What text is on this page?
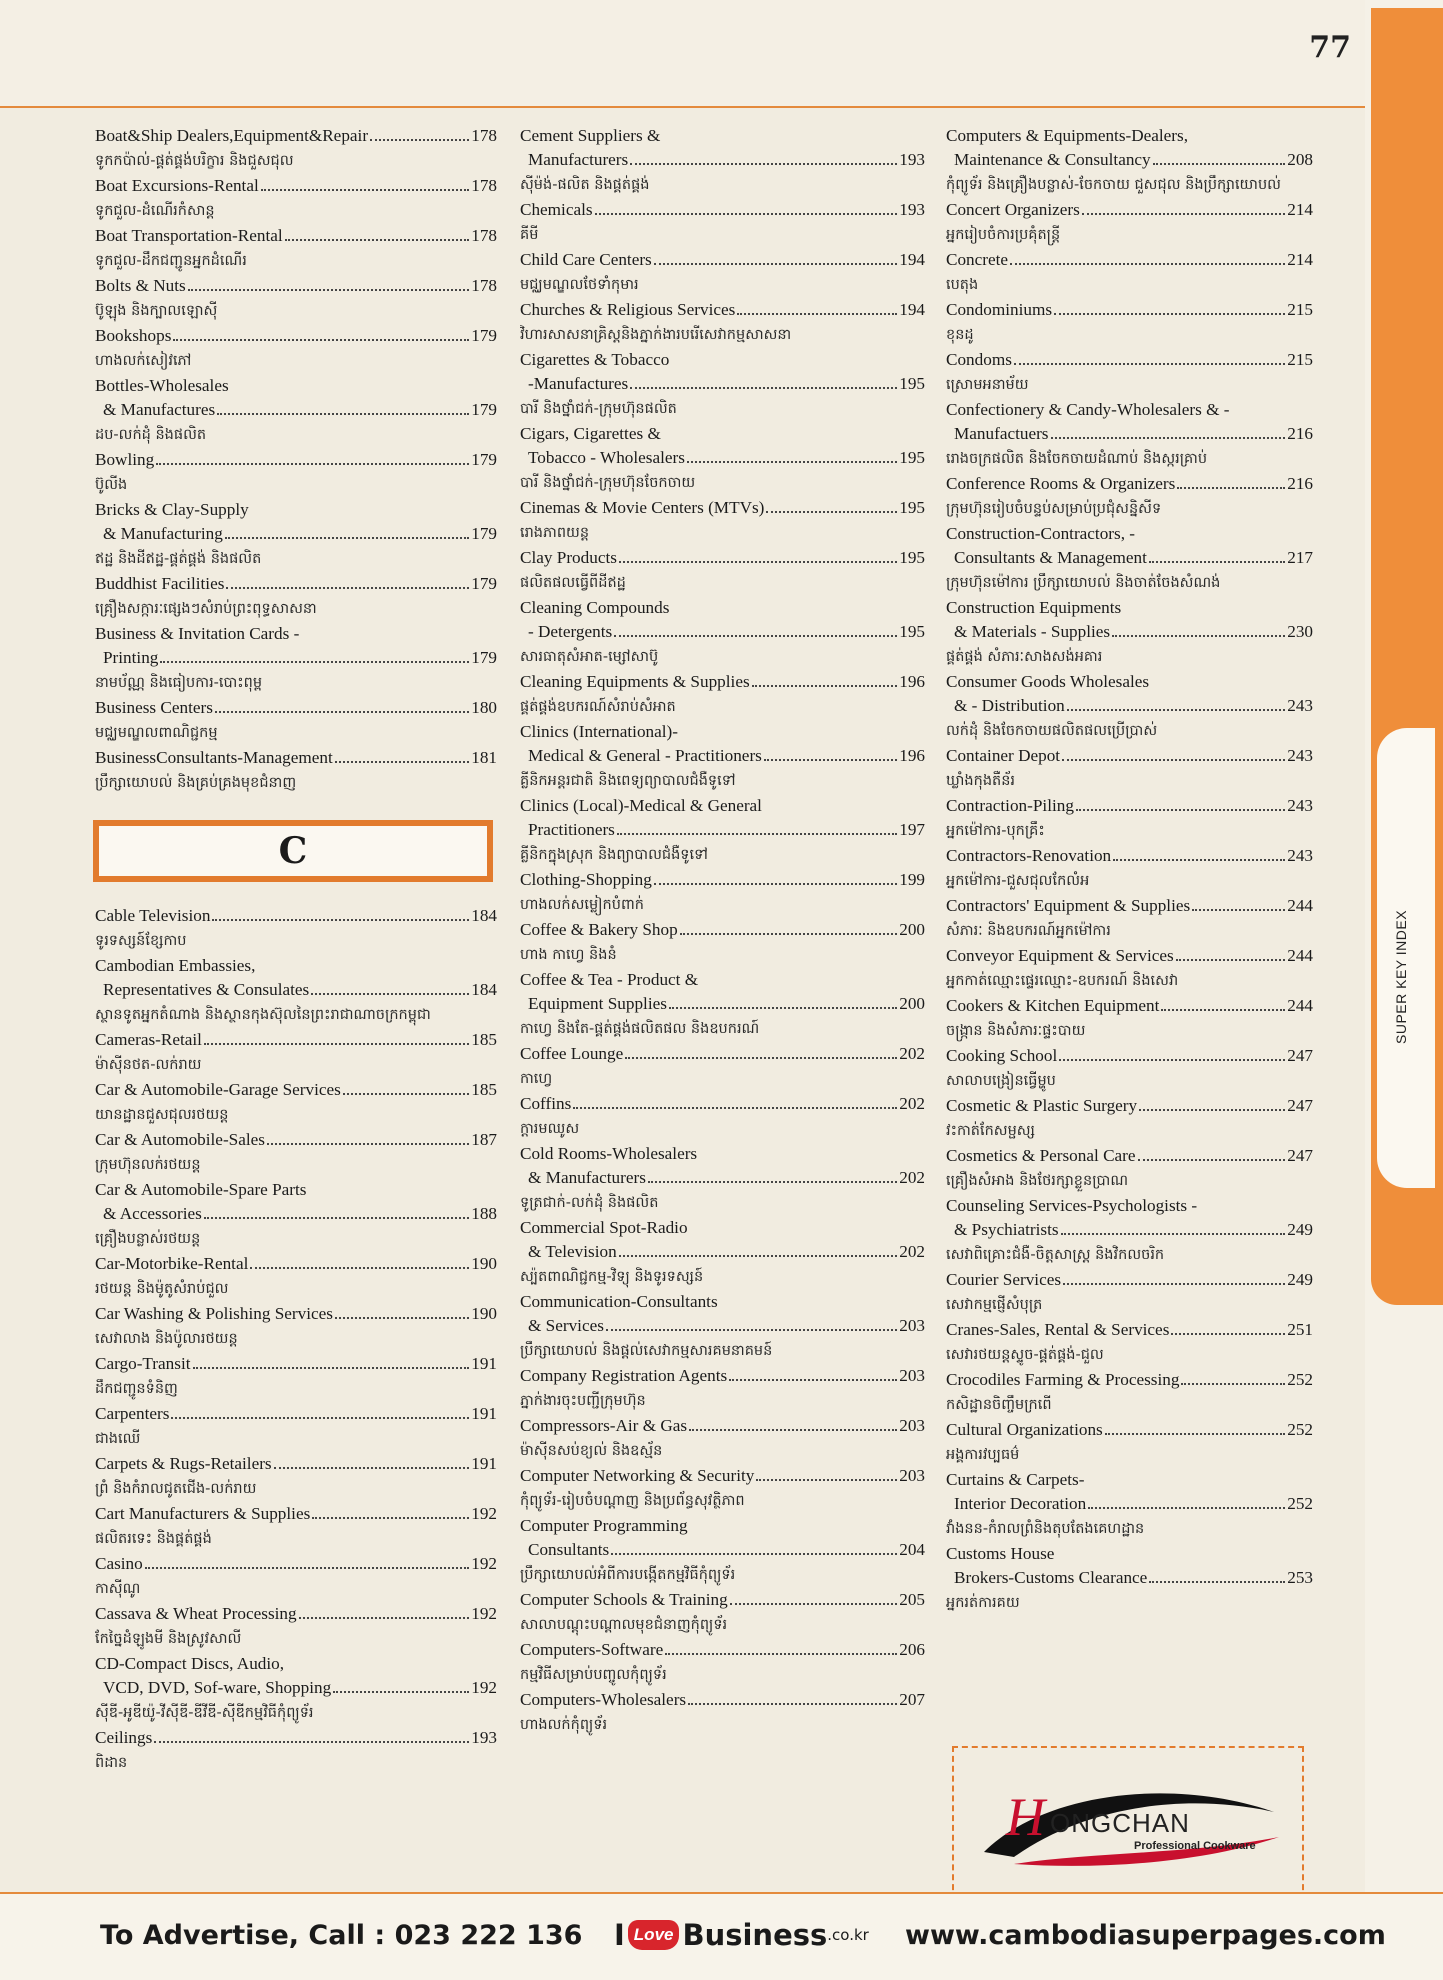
77
SUPER KEY INDEX
Boat&Ship Dealers,Equipment&Repair	178
ទូកកប៉ាល់-ផ្គត់ផ្គង់បរិក្ខារ និងជួសជុល
Boat Excursions-Rental	178
ទូកជួល-ដំណើរកំសាន្ត
Boat Transportation-Rental	178
ទូកជួល-ដឹកជញ្ជូនអ្នកដំណើរ
Bolts & Nuts	178
ប៊ូឡុង និងក្បាលឡោស៊ី
Bookshops	179
ហាងលក់សៀវភៅ
Bottles-Wholesales
& Manufactures	179
ដប-លក់ដុំ និងផលិត
Bowling	179
ប៊ូលីង
Bricks & Clay-Supply
& Manufacturing	179
ឥដ្ឋ និងដីឥដ្ឋ-ផ្គត់ផ្គង់ និងផលិត
Buddhist Facilities	179
គ្រឿងសក្ការៈផ្សេងៗសំរាប់ព្រះពុទ្ធសាសនា
Business & Invitation Cards -
Printing	179
នាមប័ណ្ណ និងធៀបការ-បោះពុម្ព
Business Centers	180
មជ្ឈមណ្ឌលពាណិជ្ជកម្ម
BusinessConsultants-Management	181
ប្រឹក្សាយោបល់ និងគ្រប់គ្រងមុខជំនាញ
C
Cable Television	184
ទូរទស្សន៍ខ្សែកាប
Cambodian Embassies,
Representatives & Consulates	184
ស្ថានទូតអ្នកតំណាង និងស្ថានកុងស៊ុលនៃព្រះរាជាណាចក្រកម្ពុជា
Cameras-Retail	185
ម៉ាស៊ីនថត-លក់រាយ
Car & Automobile-Garage Services	185
យានដ្ឋានជួសជុលរថយន្ត
Car & Automobile-Sales	187
ក្រុមហ៊ុនលក់រថយន្ត
Car & Automobile-Spare Parts
& Accessories	188
គ្រឿងបន្លាស់រថយន្ត
Car-Motorbike-Rental	190
រថយន្ត និងម៉ូតូសំរាប់ជួល
Car Washing & Polishing Services	190
សេវាលាង និងប៉ូលារថយន្ត
Cargo-Transit	191
ដឹកជញ្ជូនទំនិញ
Carpenters	191
ជាងឈើ
Carpets & Rugs-Retailers	191
ព្រំ និងកំរាលជូតជើង-លក់រាយ
Cart Manufacturers & Supplies	192
ផលិតរទេះ និងផ្គត់ផ្គង់
Casino	192
កាស៊ីណូ
Cassava & Wheat Processing	192
កែច្នៃដំឡូងមី និងស្រូវសាលី
CD-Compact Discs, Audio,
VCD, DVD, Sof-ware, Shopping	192
ស៊ីឌី-អូឌីយ៉ូ-វីស៊ីឌី-ឌីវីឌី-ស៊ីឌីកម្មវិធីកុំព្យូទ័រ
Ceilings	193
ពិដាន
Cement Suppliers &
Manufacturers	193
ស៊ីម៉ង់-ផលិត និងផ្គត់ផ្គង់
Chemicals	193
គីមី
Child Care Centers	194
មជ្ឈមណ្ឌលថែទាំកុមារ
Churches & Religious Services	194
វិហារសាសនាគ្រិស្ដនិងភ្នាក់ងារបរើសេវាកម្មសាសនា
Cigarettes & Tobacco
-Manufactures	195
បារី និងថ្នាំជក់-ក្រុមហ៊ុនផលិត
Cigars, Cigarettes &
Tobacco - Wholesalers	195
បារី និងថ្នាំជក់-ក្រុមហ៊ុនចែកចាយ
Cinemas & Movie Centers (MTVs)	195
រោងភាពយន្ត
Clay Products	195
ផលិតផលធ្វើពីដីឥដ្ឋ
Cleaning Compounds
- Detergents	195
សារធាតុសំអាត-ម្សៅសាប៊ូ
Cleaning Equipments & Supplies	196
ផ្គត់ផ្គង់ឧបករណ៍សំរាប់សំអាត
Clinics (International)-
Medical & General - Practitioners	196
គ្លីនិកអន្តរជាតិ និងពេទ្យព្យាបាលជំងឺទូទៅ
Clinics (Local)-Medical & General
Practitioners	197
គ្លីនិកក្នុងស្រុក និងព្យាបាលជំងឺទូទៅ
Clothing-Shopping	199
ហាងលក់សម្លៀកបំពាក់
Coffee & Bakery Shop	200
ហាង កាហ្វេ និងនំ
Coffee & Tea - Product &
Equipment Supplies	200
កាហ្វេ និងតែ-ផ្គត់ផ្គង់ផលិតផល និងឧបករណ៍
Coffee Lounge	202
កាហ្វេ
Coffins	202
ក្តារមឈូស
Cold Rooms-Wholesalers
& Manufacturers	202
ទូត្រជាក់-លក់ដុំ និងផលិត
Commercial Spot-Radio
& Television	202
ស្ប៉តពាណិជ្ជកម្ម-វិទ្យុ និងទូរទស្សន៍
Communication-Consultants
& Services	203
ប្រឹក្សាយោបល់ និងផ្តល់សេវាកម្មសារគមនាគមន៍
Company Registration Agents	203
ភ្នាក់ងារចុះបញ្ជីក្រុមហ៊ុន
Compressors-Air & Gas	203
ម៉ាស៊ីនសប់ខ្យល់ និងឧស្ម័ន
Computer Networking & Security	203
កុំព្យូទ័រ-រៀបចំបណ្តាញ និងប្រព័ន្ធសុវត្ថិភាព
Computer Programming
Consultants	204
ប្រឹក្សាយោបល់អំពីការបង្កើតកម្មវិធីកុំព្យូទ័រ
Computer Schools & Training	205
សាលាបណ្តុះបណ្តាលមុខជំនាញកុំព្យូទ័រ
Computers-Software	206
កម្មវិធីសម្រាប់បញ្ចូលកុំព្យូទ័រ
Computers-Wholesalers	207
ហាងលក់កុំព្យូទ័រ
Computers & Equipments-Dealers,
Maintenance & Consultancy	208
កុំព្យូទ័រ និងគ្រឿងបន្លាស់-ចែកចាយ ជួសជុល និងប្រឹក្សាយោបល់
Concert Organizers	214
អ្នករៀបចំការប្រគុំតន្ត្រី
Concrete	214
បេតុង
Condominiums	215
ខុនដូ
Condoms	215
ស្រោមអនាម័យ
Confectionery & Candy-Wholesalers & -
Manufactuers	216
រោងចក្រផលិត និងចែកចាយដំណាប់ និងស្ករគ្រាប់
Conference Rooms & Organizers	216
ក្រុមហ៊ុនរៀបចំបន្ទប់សម្រាប់ប្រជុំសន្និសីទ
Construction-Contractors, -
Consultants & Management	217
ក្រុមហ៊ុនម៉ៅការ ប្រឹក្សាយោបល់ និងចាត់ចែងសំណង់
Construction Equipments
& Materials - Supplies	230
ផ្គត់ផ្គង់ សំភារៈសាងសង់អគារ
Consumer Goods Wholesales
& - Distribution	243
លក់ដុំ និងចែកចាយផលិតផលប្រើប្រាស់
Container Depot	243
ឃ្លាំងកុងតឺន័រ
Contraction-Piling	243
អ្នកម៉ៅការ-បុកគ្រឹះ
Contractors-Renovation	243
អ្នកម៉ៅការ-ជួសជុលកែលំអ
Contractors' Equipment & Supplies	244
សំភារៈ និងឧបករណ៍អ្នកម៉ៅការ
Conveyor Equipment & Services	244
អ្នកកាត់ឈ្មោះផ្ទេរឈ្មោះ-ឧបករណ៍ និងសេវា
Cookers & Kitchen Equipment	244
ចង្ក្រាន និងសំភារៈផ្ទះបាយ
Cooking School	247
សាលាបង្រៀនធ្វើម្ហូប
Cosmetic & Plastic Surgery	247
វះកាត់កែសម្ផស្ស
Cosmetics & Personal Care	247
គ្រឿងសំអាង និងថែរក្សាខ្លួនប្រាណ
Counseling Services-Psychologists -
& Psychiatrists	249
សេវាពិគ្រោះជំងឺ-ចិត្តសាស្ត្រ និងវិកលចរិក
Courier Services	249
សេវាកម្មផ្ញើសំបុត្រ
Cranes-Sales, Rental & Services	251
សេវារថយន្តស្ទូច-ផ្គត់ផ្គង់-ជួល
Crocodiles Farming & Processing	252
កសិដ្ឋានចិញ្ចឹមក្រពើ
Cultural Organizations	252
អង្គការវប្បធម៌
Curtains & Carpets-
Interior Decoration	252
វាំងនន-កំរាលព្រំនិងតុបតែងគេហដ្ឋាន
Customs House
Brokers-Customs Clearance	253
អ្នករត់ការគយ
H ONGCHAN
Professional Cookware
To Advertise, Call : 023 222 136 I Love Business .co.kr www.cambodiasuperpages.com
